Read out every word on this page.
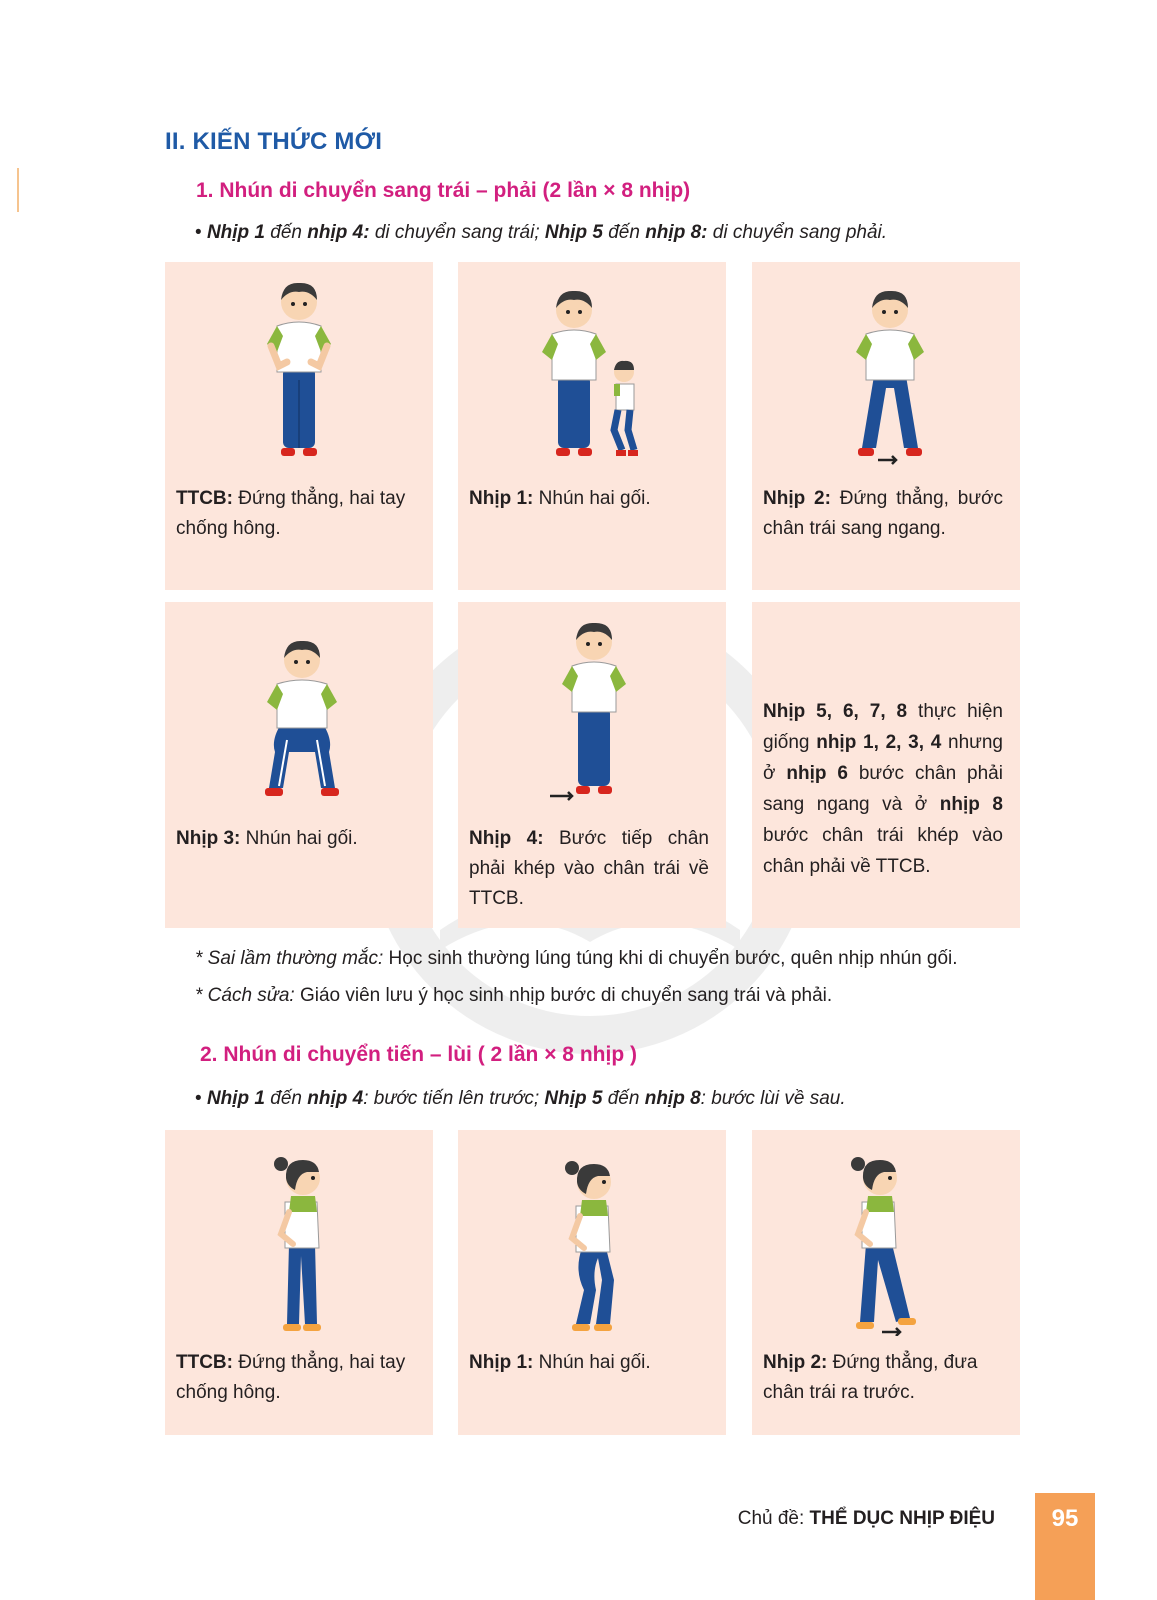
II. KIẾN THỨC MỚI
1. Nhún di chuyển sang trái – phải (2 lần × 8 nhịp)

• Nhịp 1 đến nhịp 4: di chuyển sang trái; Nhịp 5 đến nhịp 8: di chuyển sang phải.

TTCB: Đứng thẳng, hai tay chống hông.

Nhịp 1: Nhún hai gối.	Nhịp 2: Đứng thẳng, bước chân trái sang ngang.

Nhịp 3: Nhún hai gối.	Nhịp 4: Bước tiếp chân phải khép vào chân trái về TTCB.

Nhịp 5, 6, 7, 8 thực hiện giống nhịp 1, 2, 3, 4 nhưng ở nhịp 6 bước chân phải sang ngang và ở nhịp 8 bước chân trái khép vào chân phải về TTCB.

* Sai lầm thường mắc: Học sinh thường lúng túng khi di chuyển bước, quên nhịp nhún gối.

* Cách sửa: Giáo viên lưu ý học sinh nhịp bước di chuyển sang trái và phải.

2. Nhún di chuyển tiến – lùi ( 2 lần × 8 nhịp )

• Nhịp 1 đến nhịp 4: bước tiến lên trước; Nhịp 5 đến nhịp 8: bước lùi về sau.

TTCB: Đứng thẳng, hai tay chống hông.

Nhịp 1: Nhún hai gối.	Nhịp 2: Đứng thẳng, đưa chân trái ra trước.

Chủ đề: THỂ DỤC NHỊP ĐIỆU	95
